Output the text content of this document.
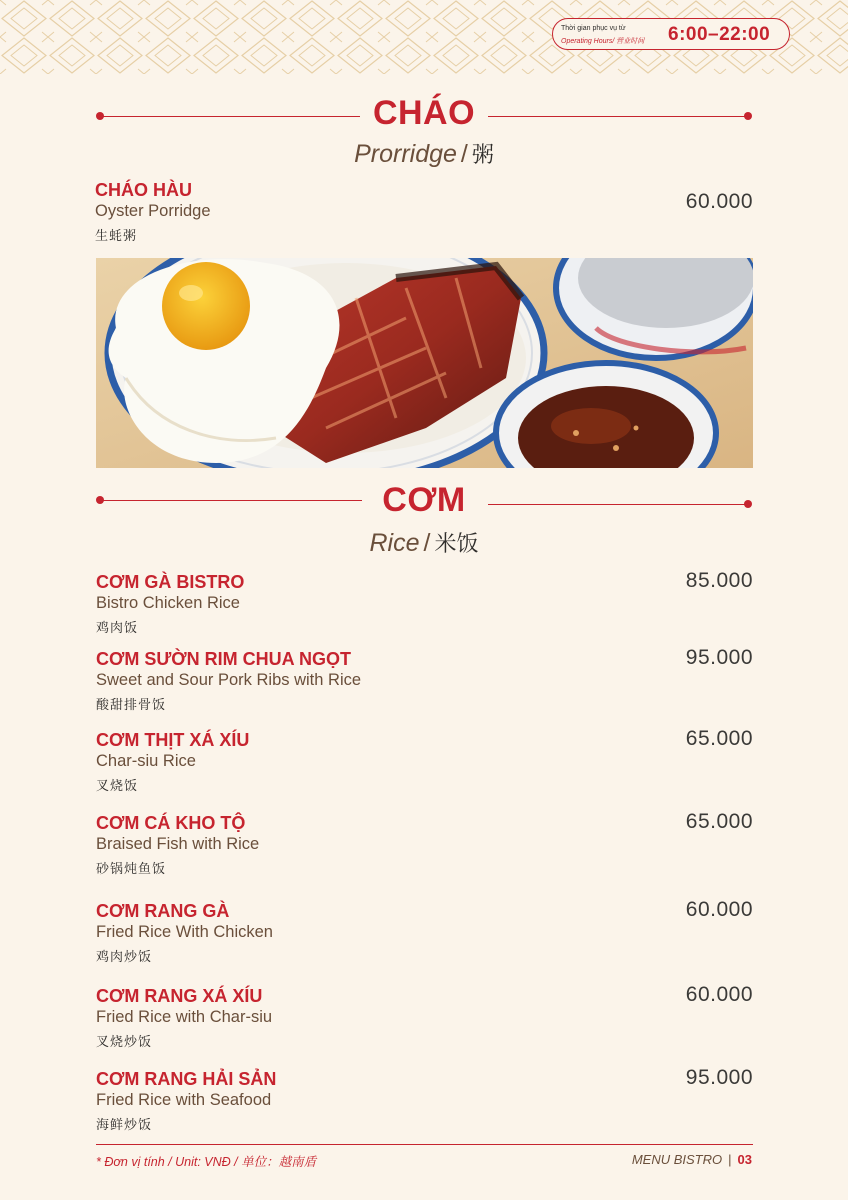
Thời gian phục vụ từ
Operating Hours/ 营业时间 6:00–22:00
CHÁO
Prorridge / 粥
CHÁO HÀU
Oyster Porridge
生蚝粥
60.000
CƠM
Rice / 米饭
CƠM GÀ BISTRO
Bistro Chicken Rice
鸡肉饭
85.000
CƠM SƯỜN RIM CHUA NGỌT
Sweet and Sour Pork Ribs with Rice
酸甜排骨饭
95.000
CƠM THỊT XÁ XÍU
Char-siu Rice
叉烧饭
65.000
CƠM CÁ KHO TỘ
Braised Fish with Rice
砂锅炖鱼饭
65.000
CƠM RANG GÀ
Fried Rice With Chicken
鸡肉炒饭
60.000
CƠM RANG XÁ XÍU
Fried Rice with Char-siu
叉烧炒饭
60.000
CƠM RANG HẢI SẢN
Fried Rice with Seafood
海鲜炒饭
95.000
* Đơn vị tính / Unit: VNĐ / 单位：越南盾	MENU BISTRO | 03
